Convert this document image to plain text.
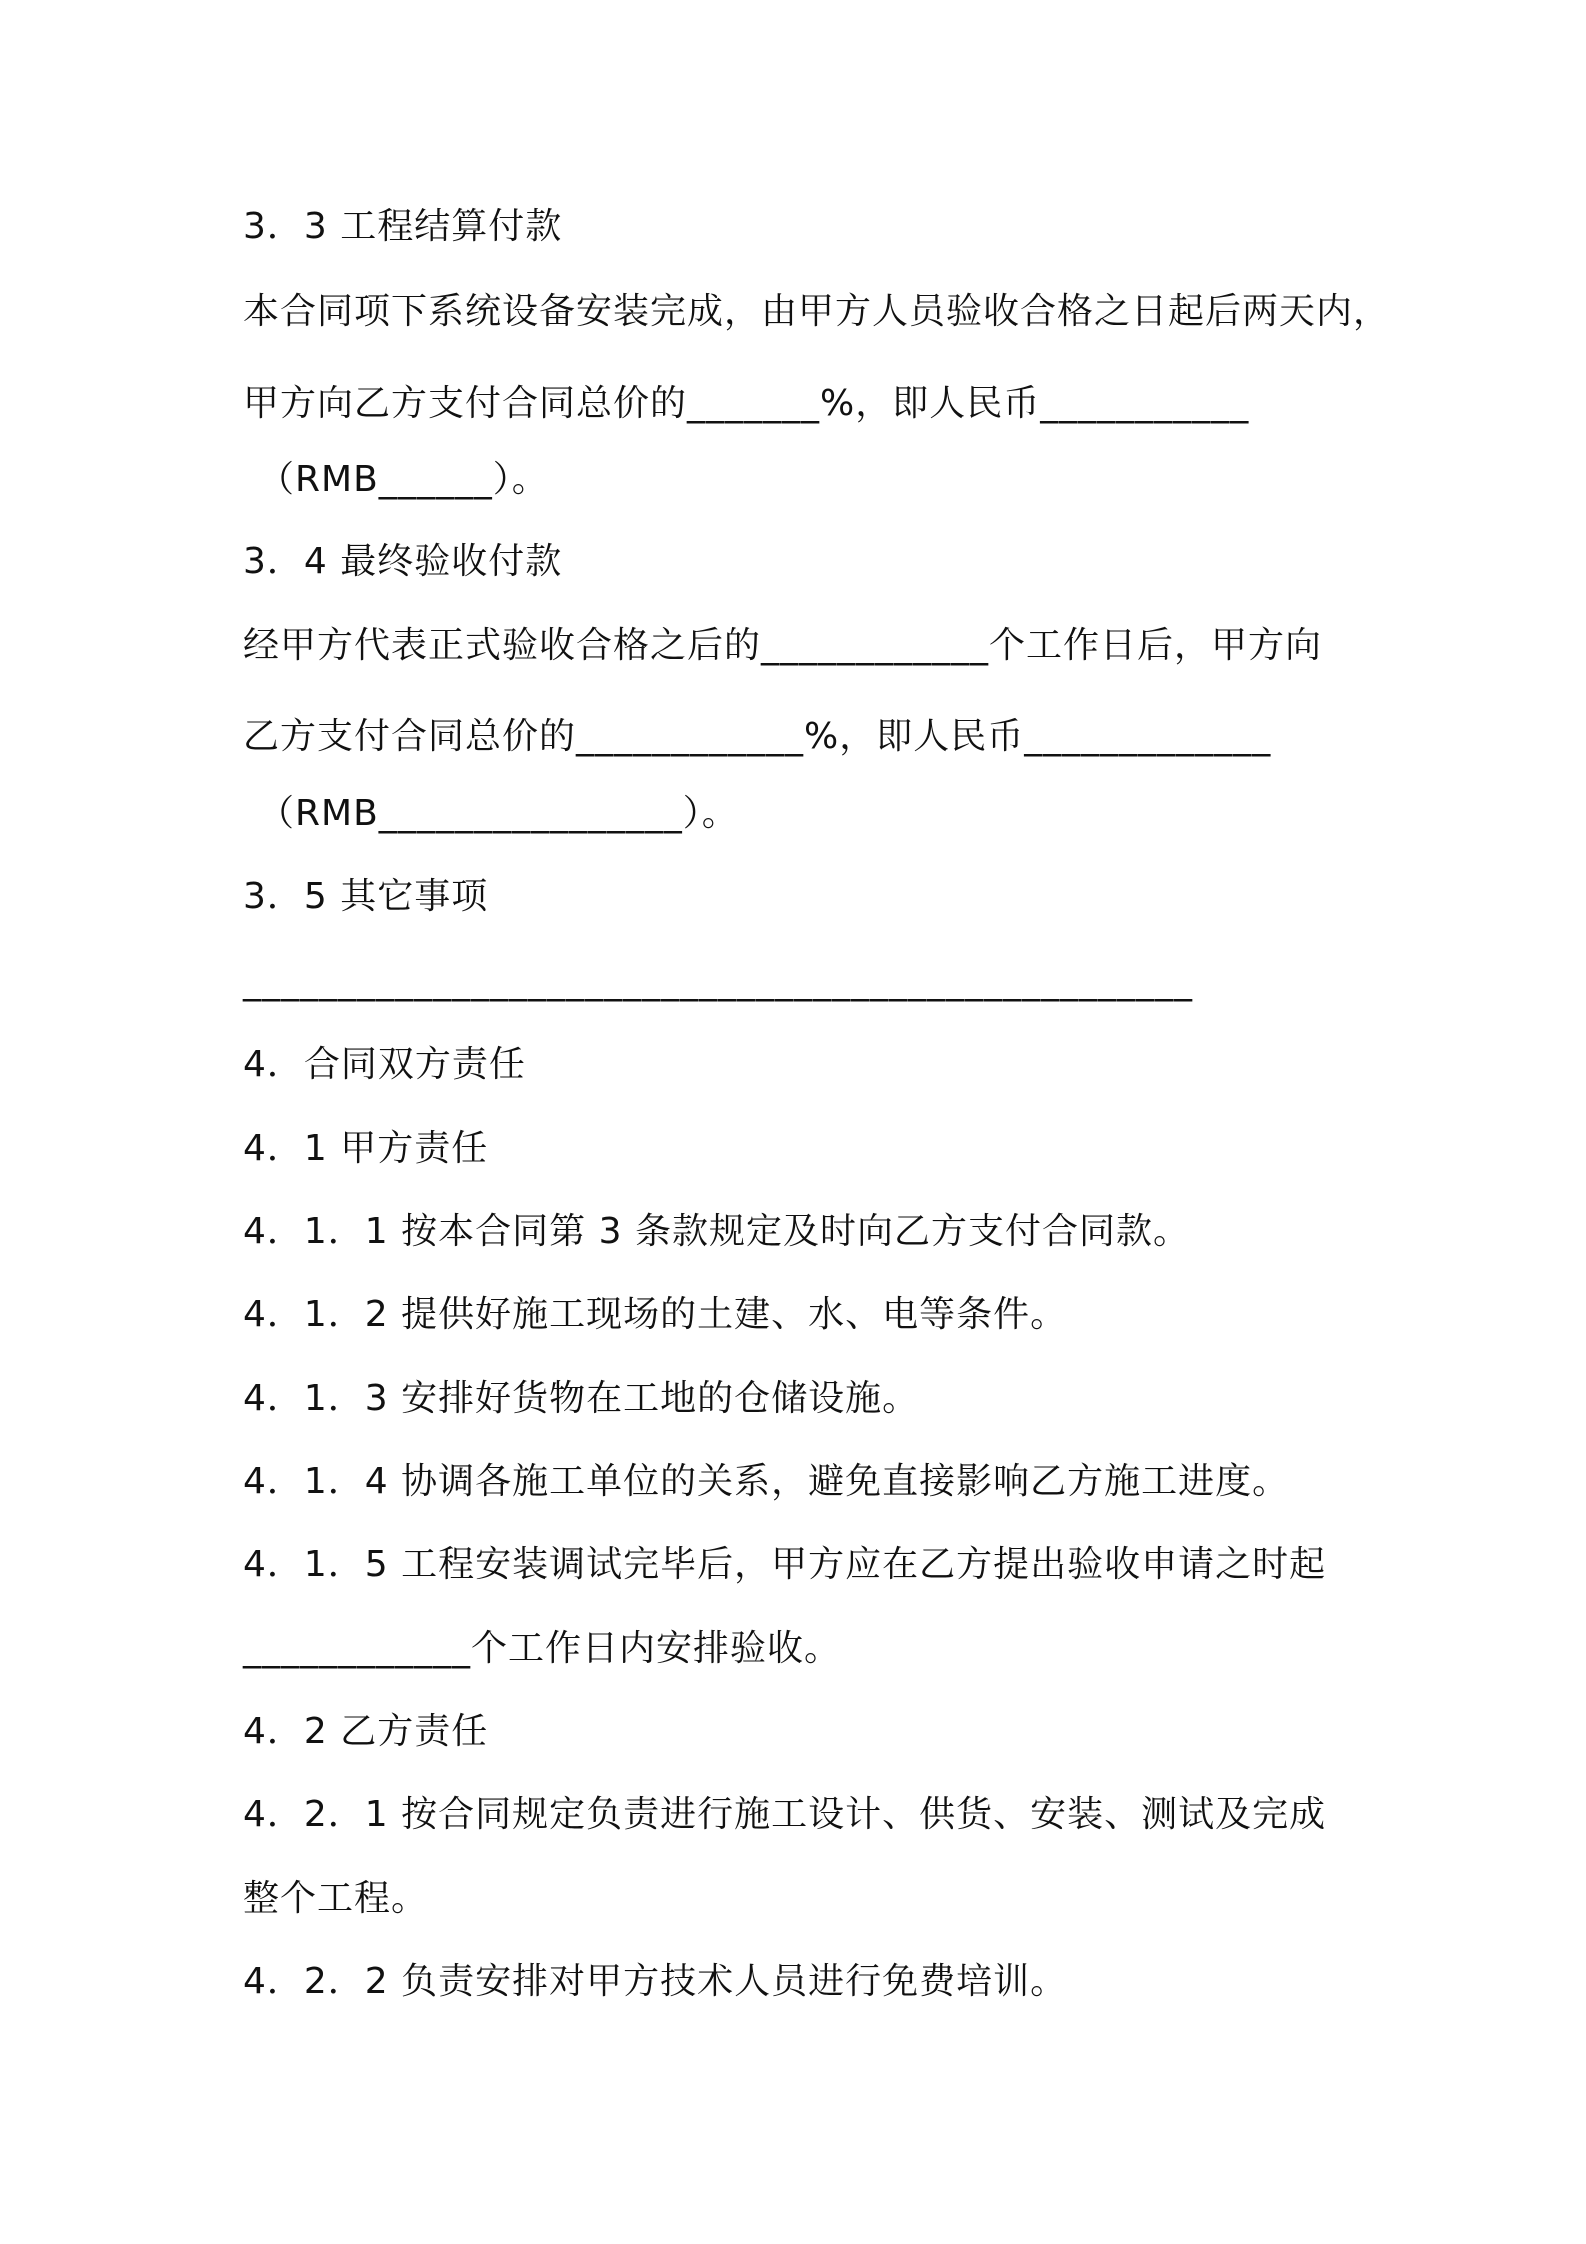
3．3 工程结算付款
本合同项下系统设备安装完成，由甲方人员验收合格之日起后两天内，
甲方向乙方支付合同总价的_______%，即人民币___________
（RMB______）。
3．4 最终验收付款
经甲方代表正式验收合格之后的____________个工作日后，甲方向
乙方支付合同总价的____________%，即人民币_____________
（RMB________________）。
3．5 其它事项
__________________________________________________
4．合同双方责任
4．1 甲方责任
4．1．1 按本合同第 3 条款规定及时向乙方支付合同款。
4．1．2 提供好施工现场的土建、水、电等条件。
4．1．3 安排好货物在工地的仓储设施。
4．1．4 协调各施工单位的关系，避免直接影响乙方施工进度。
4．1．5 工程安装调试完毕后，甲方应在乙方提出验收申请之时起
____________个工作日内安排验收。
4．2 乙方责任
4．2．1 按合同规定负责进行施工设计、供货、安装、测试及完成
整个工程。
4．2．2 负责安排对甲方技术人员进行免费培训。
